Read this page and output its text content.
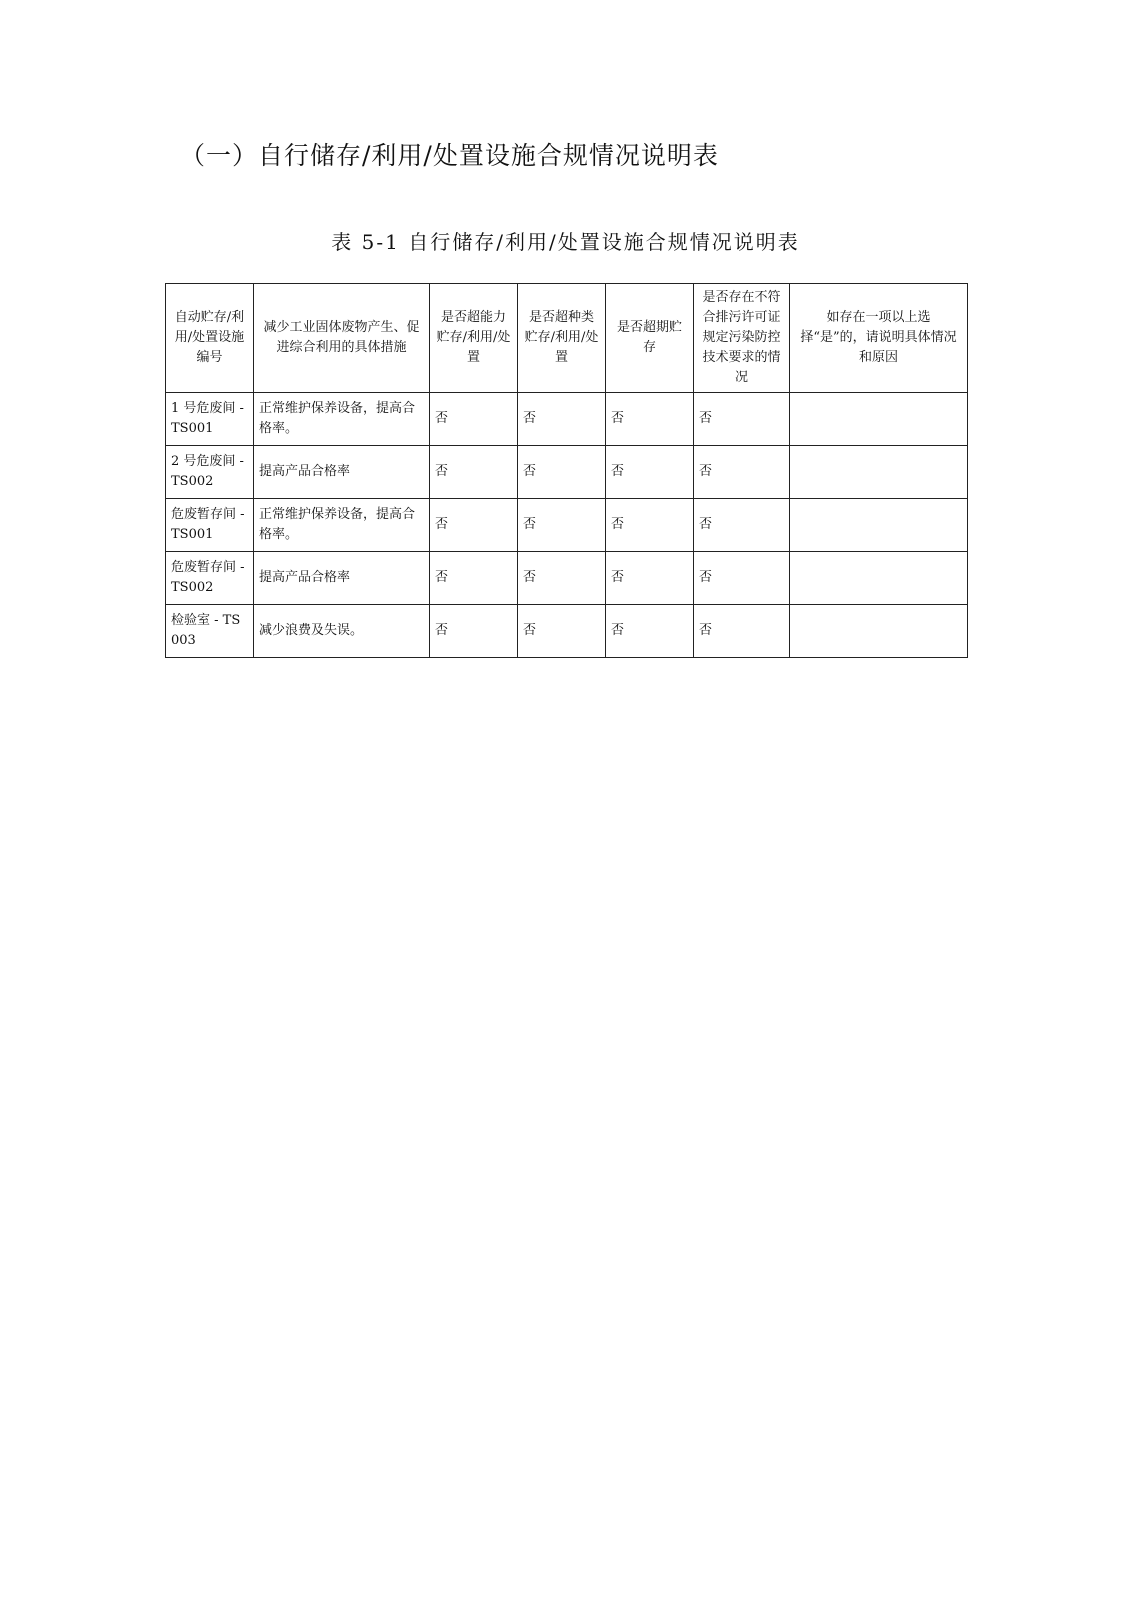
（一）自行储存/利用/处置设施合规情况说明表
表 5-1 自行储存/利用/处置设施合规情况说明表
自动贮存/利用/处置设施编号	减少工业固体废物产生、促进综合利用的具体措施	是否超能力贮存/利用/处置	是否超种类贮存/利用/处置	是否超期贮存	是否存在不符合排污许可证规定污染防控技术要求的情况	如存在一项以上选择“是”的，请说明具体情况和原因
1 号危废间 - TS001	正常维护保养设备，提高合格率。	否	否	否	否	
2 号危废间 - TS002	提高产品合格率	否	否	否	否	
危废暂存间 - TS001	正常维护保养设备，提高合格率。	否	否	否	否	
危废暂存间 - TS002	提高产品合格率	否	否	否	否	
检验室 - TS003	减少浪费及失误。	否	否	否	否	
